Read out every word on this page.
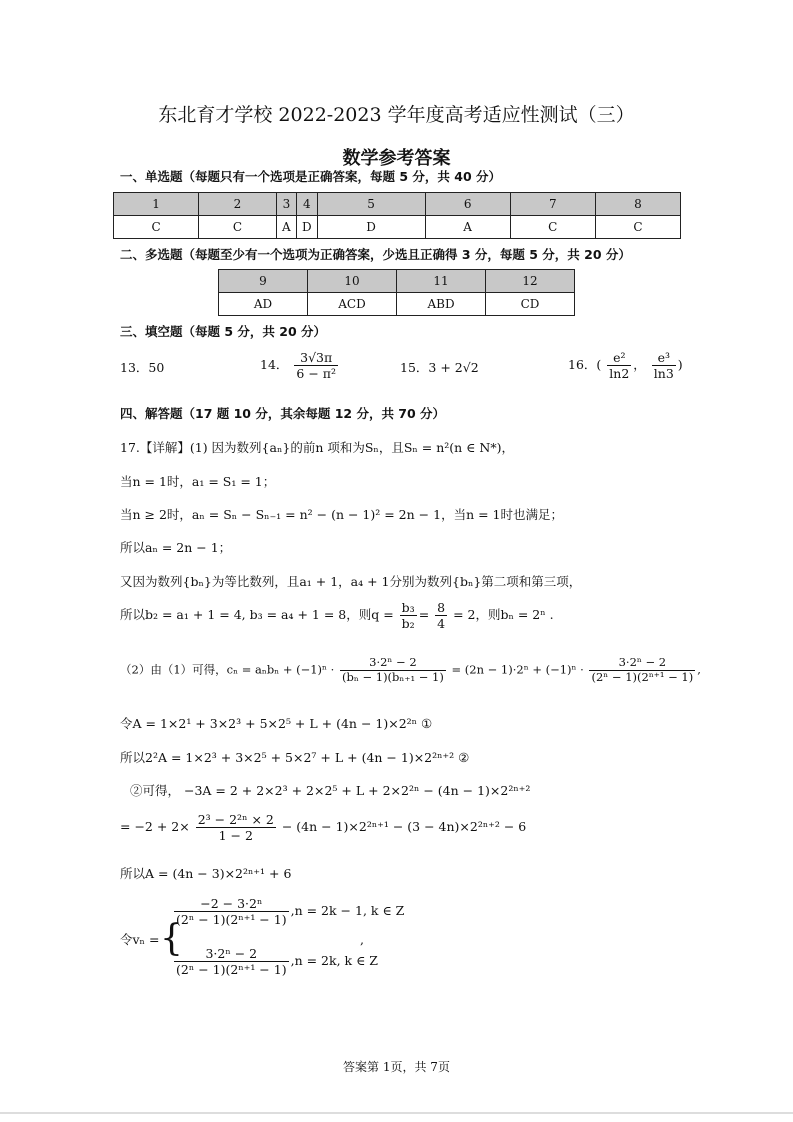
东北育才学校 2022-2023 学年度高考适应性测试（三）
数学参考答案
一、单选题（每题只有一个选项是正确答案，每题 5 分，共 40 分）
1	2	3	4	5	6	7	8
C	C	A	D	D	A	C	C
二、多选题（每题至少有一个选项为正确答案，少选且正确得 3 分，每题 5 分，共 20 分）
9	10	11	12
AD	ACD	ABD	CD
三、填空题（每题 5 分，共 20 分）
13．50	14． $\frac{3√3\pi}{\text{6 − π²}}$	15．3 + 2√2	16．( $\frac{\text{e²}}{\ln 2}$ ， $\frac{\text{e³}}{\ln 3}$ )
四、解答题（17 题 10 分，其余每题 12 分，共 70 分）
17.【详解】(1) 因为数列{aₙ}的前n 项和为Sₙ，且Sₙ = n²(n ∈ N*)，
当n = 1时，a₁ = S₁ = 1；
当n ≥ 2时，aₙ = Sₙ − Sₙ₋₁ = n² − (n − 1)² = 2n − 1，当n = 1时也满足；
所以aₙ = 2n − 1；
又因为数列{bₙ}为等比数列，且a₁ + 1，a₄ + 1分别为数列{bₙ}第二项和第三项，
所以b₂ = a₁ + 1 = 4, b₃ = a₄ + 1 = 8，则$q = \frac{\text{b₃}}{\text{b₂}} = \frac{8}{4} = 2$，则bₙ = 2ⁿ .
（2）由（1）可得，$c_n = a_nb_n + (-1)^n \cdot \frac{\text{3·2ⁿ − 2}}{\text{(bₙ − 1)(bₙ₊₁ − 1)}} = (2n - 1)\cdot 2^n + (-1)^n \cdot \frac{\text{3·2ⁿ − 2}}{\text{(2ⁿ − 1)(2ⁿ⁺¹ − 1)}}$ ,
令A = 1×2¹ + 3×2³ + 5×2⁵ + L + (4n − 1)×2²ⁿ ①
所以2²A = 1×2³ + 3×2⁵ + 5×2⁷ + L + (4n − 1)×2²ⁿ⁺² ②
②可得， −3A = 2 + 2×2³ + 2×2⁵ + L + 2×2²ⁿ − (4n − 1)×2²ⁿ⁺²
= $-2 + 2\times \frac{\text{2³ − 2²ⁿ × 2}}{1 - 2} - (4n - 1)\times 2^{2n+1} - (3 - 4n)\times 2^{2n+2} - 6$
所以A = (4n − 3)×2²ⁿ⁺¹ + 6
令vₙ = {
$\frac{\text{−2 − 3·2ⁿ}}{\text{(2ⁿ − 1)(2ⁿ⁺¹ − 1)}} ,n = 2k - 1$, k ∈ Z
$\frac{\text{3·2ⁿ − 2}}{\text{(2ⁿ − 1)(2ⁿ⁺¹ − 1)}} ,n = 2k$, k ∈ Z
,
答案第 1页，共 7页
